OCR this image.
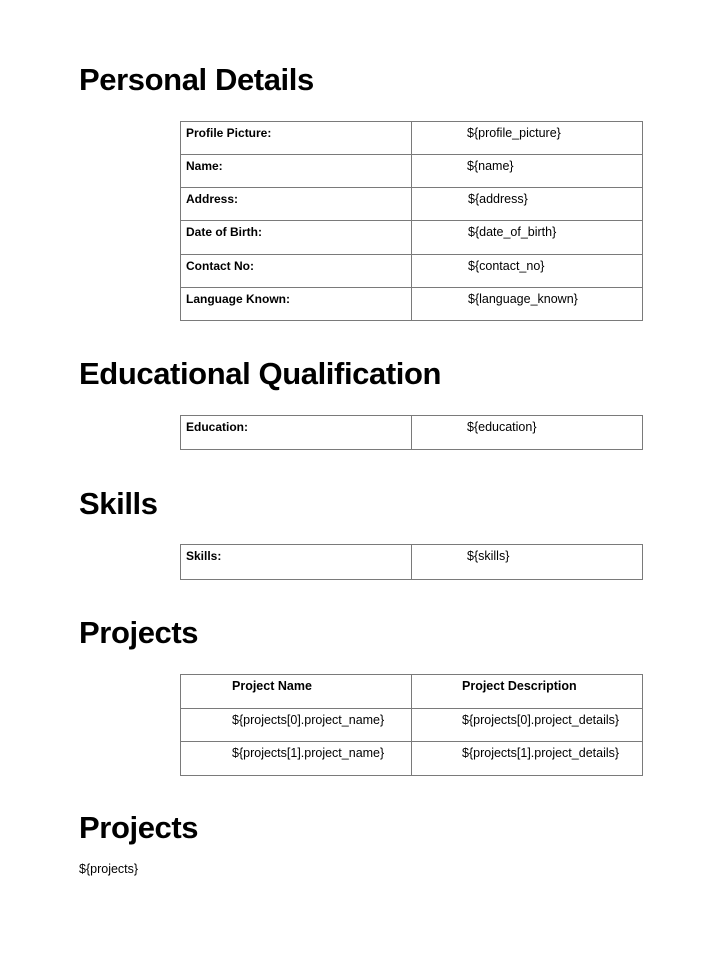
Personal Details
Profile Picture:	${profile_picture}

Name:	${name}

Address:	${address}

Date of Birth:	${date_of_birth}

Contact No:	${contact_no}

Language Known:	${language_known}
Educational Qualification
Education:	${education}
Skills
Skills:	${skills}
Projects
Project Name	Project Description

${projects[0].project_name}	${projects[0].project_details}

${projects[1].project_name}	${projects[1].project_details}
Projects

${projects}
